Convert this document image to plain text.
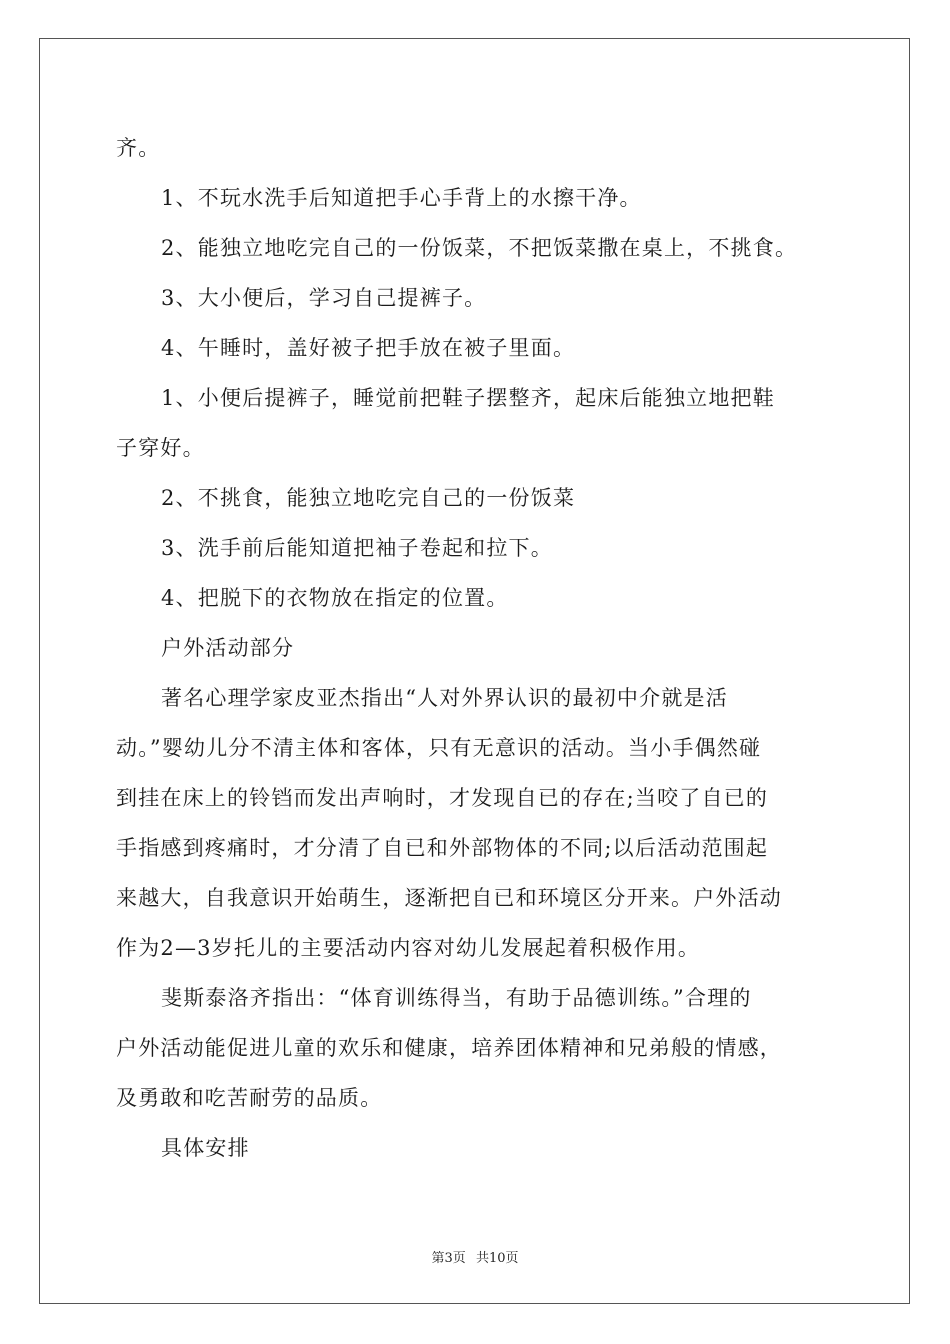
齐。
1、不玩水洗手后知道把手心手背上的水擦干净。
2、能独立地吃完自己的一份饭菜，不把饭菜撒在桌上，不挑食。
3、大小便后，学习自己提裤子。
4、午睡时，盖好被子把手放在被子里面。
1、小便后提裤子，睡觉前把鞋子摆整齐，起床后能独立地把鞋
子穿好。
2、不挑食，能独立地吃完自己的一份饭菜
3、洗手前后能知道把袖子卷起和拉下。
4、把脱下的衣物放在指定的位置。
户外活动部分
著名心理学家皮亚杰指出“人对外界认识的最初中介就是活
动。”婴幼儿分不清主体和客体，只有无意识的活动。当小手偶然碰
到挂在床上的铃铛而发出声响时，才发现自已的存在;当咬了自已的
手指感到疼痛时，才分清了自已和外部物体的不同;以后活动范围起
来越大，自我意识开始萌生，逐渐把自已和环境区分开来。户外活动
作为2—3岁托儿的主要活动内容对幼儿发展起着积极作用。
斐斯泰洛齐指出：“体育训练得当，有助于品德训练。”合理的
户外活动能促进儿童的欢乐和健康，培养团体精神和兄弟般的情感，
及勇敢和吃苦耐劳的品质。
具体安排
第3页 共10页
